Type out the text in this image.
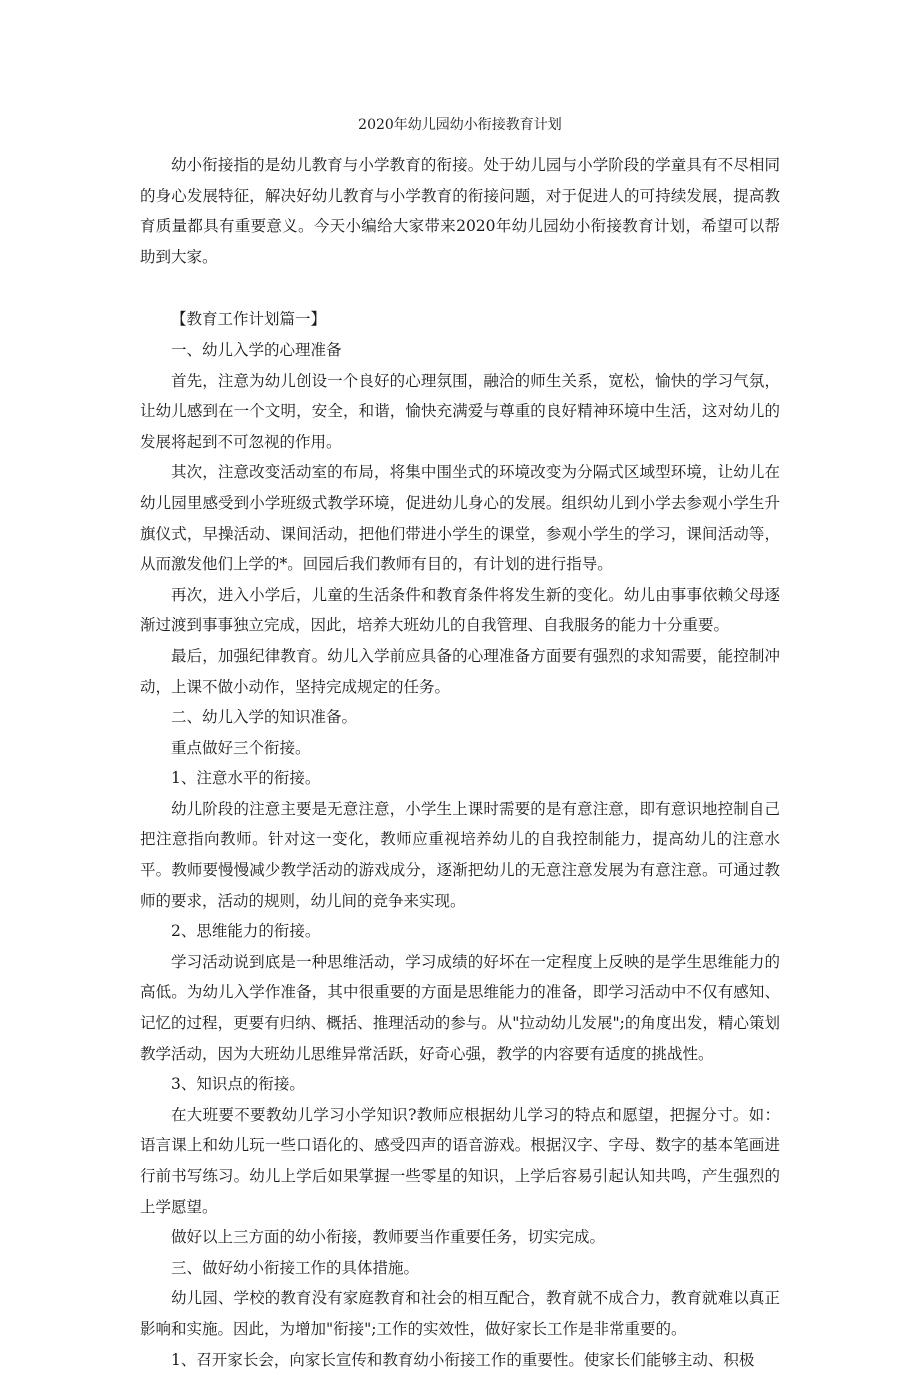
2020年幼儿园幼小衔接教育计划

幼小衔接指的是幼儿教育与小学教育的衔接。处于幼儿园与小学阶段的学童具有不尽相同的身心发展特征，解决好幼儿教育与小学教育的衔接问题，对于促进人的可持续发展，提高教育质量都具有重要意义。今天小编给大家带来2020年幼儿园幼小衔接教育计划，希望可以帮助到大家。

【教育工作计划篇一】

一、幼儿入学的心理准备

首先，注意为幼儿创设一个良好的心理氛围，融洽的师生关系，宽松，愉快的学习气氛，让幼儿感到在一个文明，安全，和谐，愉快充满爱与尊重的良好精神环境中生活，这对幼儿的发展将起到不可忽视的作用。

其次，注意改变活动室的布局，将集中围坐式的环境改变为分隔式区域型环境，让幼儿在幼儿园里感受到小学班级式教学环境，促进幼儿身心的发展。组织幼儿到小学去参观小学生升旗仪式，早操活动、课间活动，把他们带进小学生的课堂，参观小学生的学习，课间活动等，从而激发他们上学的*。回园后我们教师有目的，有计划的进行指导。

再次，进入小学后，儿童的生活条件和教育条件将发生新的变化。幼儿由事事依赖父母逐渐过渡到事事独立完成，因此，培养大班幼儿的自我管理、自我服务的能力十分重要。

最后，加强纪律教育。幼儿入学前应具备的心理准备方面要有强烈的求知需要，能控制冲动，上课不做小动作，坚持完成规定的任务。

二、幼儿入学的知识准备。

重点做好三个衔接。

1、注意水平的衔接。

幼儿阶段的注意主要是无意注意，小学生上课时需要的是有意注意，即有意识地控制自己把注意指向教师。针对这一变化，教师应重视培养幼儿的自我控制能力，提高幼儿的注意水平。教师要慢慢减少教学活动的游戏成分，逐渐把幼儿的无意注意发展为有意注意。可通过教师的要求，活动的规则，幼儿间的竞争来实现。

2、思维能力的衔接。

学习活动说到底是一种思维活动，学习成绩的好坏在一定程度上反映的是学生思维能力的高低。为幼儿入学作准备，其中很重要的方面是思维能力的准备，即学习活动中不仅有感知、记忆的过程，更要有归纳、概括、推理活动的参与。从"拉动幼儿发展";的角度出发，精心策划教学活动，因为大班幼儿思维异常活跃，好奇心强，教学的内容要有适度的挑战性。

3、知识点的衔接。

在大班要不要教幼儿学习小学知识?教师应根据幼儿学习的特点和愿望，把握分寸。如：语言课上和幼儿玩一些口语化的、感受四声的语音游戏。根据汉字、字母、数字的基本笔画进行前书写练习。幼儿上学后如果掌握一些零星的知识，上学后容易引起认知共鸣，产生强烈的上学愿望。

做好以上三方面的幼小衔接，教师要当作重要任务，切实完成。

三、做好幼小衔接工作的具体措施。

幼儿园、学校的教育没有家庭教育和社会的相互配合，教育就不成合力，教育就难以真正影响和实施。因此，为增加"衔接";工作的实效性，做好家长工作是非常重要的。

1、召开家长会，向家长宣传和教育幼小衔接工作的重要性。使家长们能够主动、积极
